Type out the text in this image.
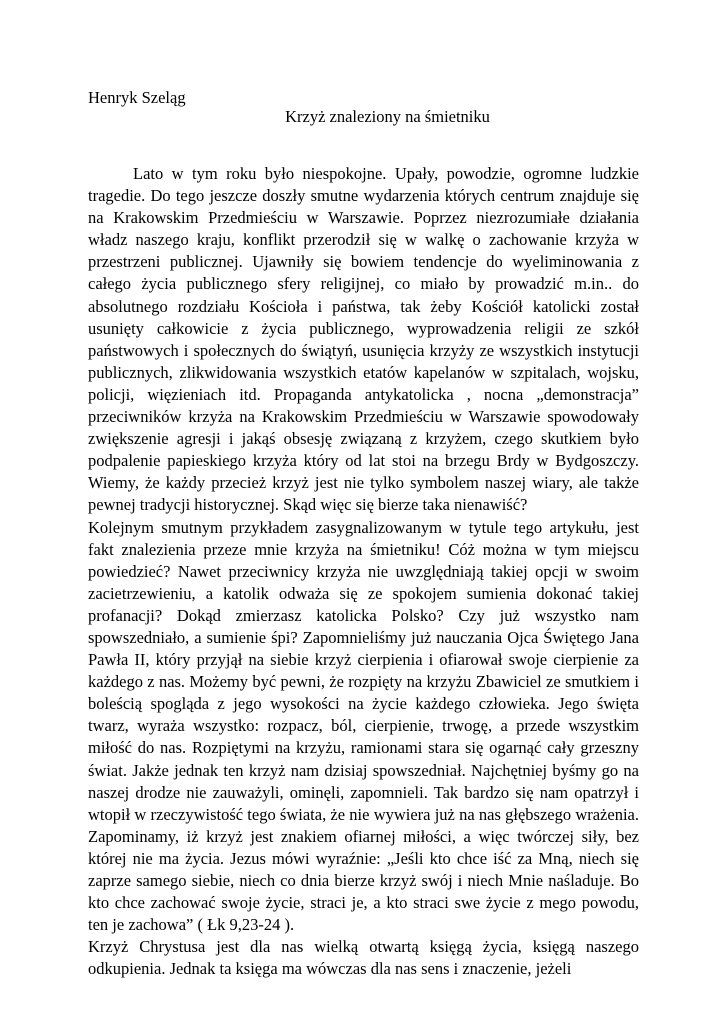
Henryk Szeląg

Krzyż znaleziony na śmietniku

Lato w tym roku było niespokojne. Upały, powodzie, ogromne ludzkie tragedie. Do tego jeszcze doszły smutne wydarzenia których centrum znajduje się na Krakowskim Przedmieściu w Warszawie. Poprzez niezrozumiałe działania władz naszego kraju, konflikt przerodził się w walkę o zachowanie krzyża w przestrzeni publicznej. Ujawniły się bowiem tendencje do wyeliminowania z całego życia publicznego sfery religijnej, co miało by prowadzić m.in.. do absolutnego rozdziału Kościoła i państwa, tak żeby Kościół katolicki został usunięty całkowicie z życia publicznego, wyprowadzenia religii ze szkół państwowych i społecznych do świątyń, usunięcia krzyży ze wszystkich instytucji publicznych, zlikwidowania wszystkich etatów kapelanów w szpitalach, wojsku, policji, więzieniach itd. Propaganda antykatolicka , nocna „demonstracja” przeciwników krzyża na Krakowskim Przedmieściu w Warszawie spowodowały zwiększenie agresji i jakąś obsesję związaną z krzyżem, czego skutkiem było podpalenie papieskiego krzyża który od lat stoi na brzegu Brdy w Bydgoszczy. Wiemy, że każdy przecież krzyż jest nie tylko symbolem naszej wiary, ale także pewnej tradycji historycznej. Skąd więc się bierze taka nienawiść?

Kolejnym smutnym przykładem zasygnalizowanym w tytule tego artykułu, jest fakt znalezienia przeze mnie krzyża na śmietniku! Cóż można w tym miejscu powiedzieć? Nawet przeciwnicy krzyża nie uwzględniają takiej opcji w swoim zacietrzewieniu, a katolik odważa się ze spokojem sumienia dokonać takiej profanacji? Dokąd zmierzasz katolicka Polsko? Czy już wszystko nam spowszedniało, a sumienie śpi? Zapomnieliśmy już nauczania Ojca Świętego Jana Pawła II, który przyjął na siebie krzyż cierpienia i ofiarował swoje cierpienie za każdego z nas. Możemy być pewni, że rozpięty na krzyżu Zbawiciel ze smutkiem i boleścią spogląda z jego wysokości na życie każdego człowieka. Jego święta twarz, wyraża wszystko: rozpacz, ból, cierpienie, trwogę, a przede wszystkim miłość do nas. Rozpiętymi na krzyżu, ramionami stara się ogarnąć cały grzeszny świat. Jakże jednak ten krzyż nam dzisiaj spowszedniał. Najchętniej byśmy go na naszej drodze nie zauważyli, ominęli, zapomnieli. Tak bardzo się nam opatrzył i wtopił w rzeczywistość tego świata, że nie wywiera już na nas głębszego wrażenia. Zapominamy, iż krzyż jest znakiem ofiarnej miłości, a więc twórczej siły, bez której nie ma życia. Jezus mówi wyraźnie: „Jeśli kto chce iść za Mną, niech się zaprze samego siebie, niech co dnia bierze krzyż swój i niech Mnie naśladuje. Bo kto chce zachować swoje życie, straci je, a kto straci swe życie z mego powodu, ten je zachowa” ( Łk 9,23-24 ).

Krzyż Chrystusa jest dla nas wielką otwartą księgą życia, księgą naszego odkupienia. Jednak ta księga ma wówczas dla nas sens i znaczenie, jeżeli
